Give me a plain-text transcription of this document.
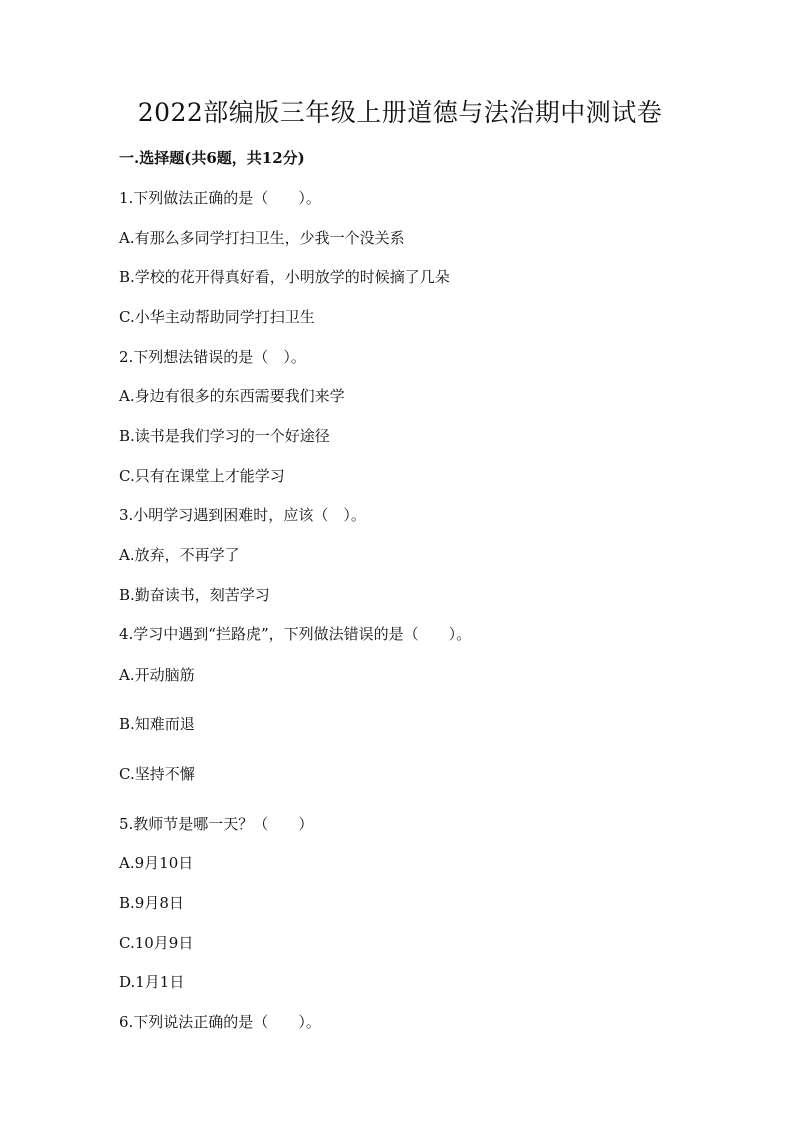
2022部编版三年级上册道德与法治期中测试卷
一.选择题(共6题，共12分)
1.下列做法正确的是（　　）。
A.有那么多同学打扫卫生，少我一个没关系
B.学校的花开得真好看，小明放学的时候摘了几朵
C.小华主动帮助同学打扫卫生
2.下列想法错误的是（　）。
A.身边有很多的东西需要我们来学
B.读书是我们学习的一个好途径
C.只有在课堂上才能学习
3.小明学习遇到困难时，应该（　）。
A.放弃，不再学了
B.勤奋读书，刻苦学习
4.学习中遇到“拦路虎”，下列做法错误的是（　　）。
A.开动脑筋
B.知难而退
C.坚持不懈
5.教师节是哪一天？（　　）
A.9月10日
B.9月8日
C.10月9日
D.1月1日
6.下列说法正确的是（　　）。
